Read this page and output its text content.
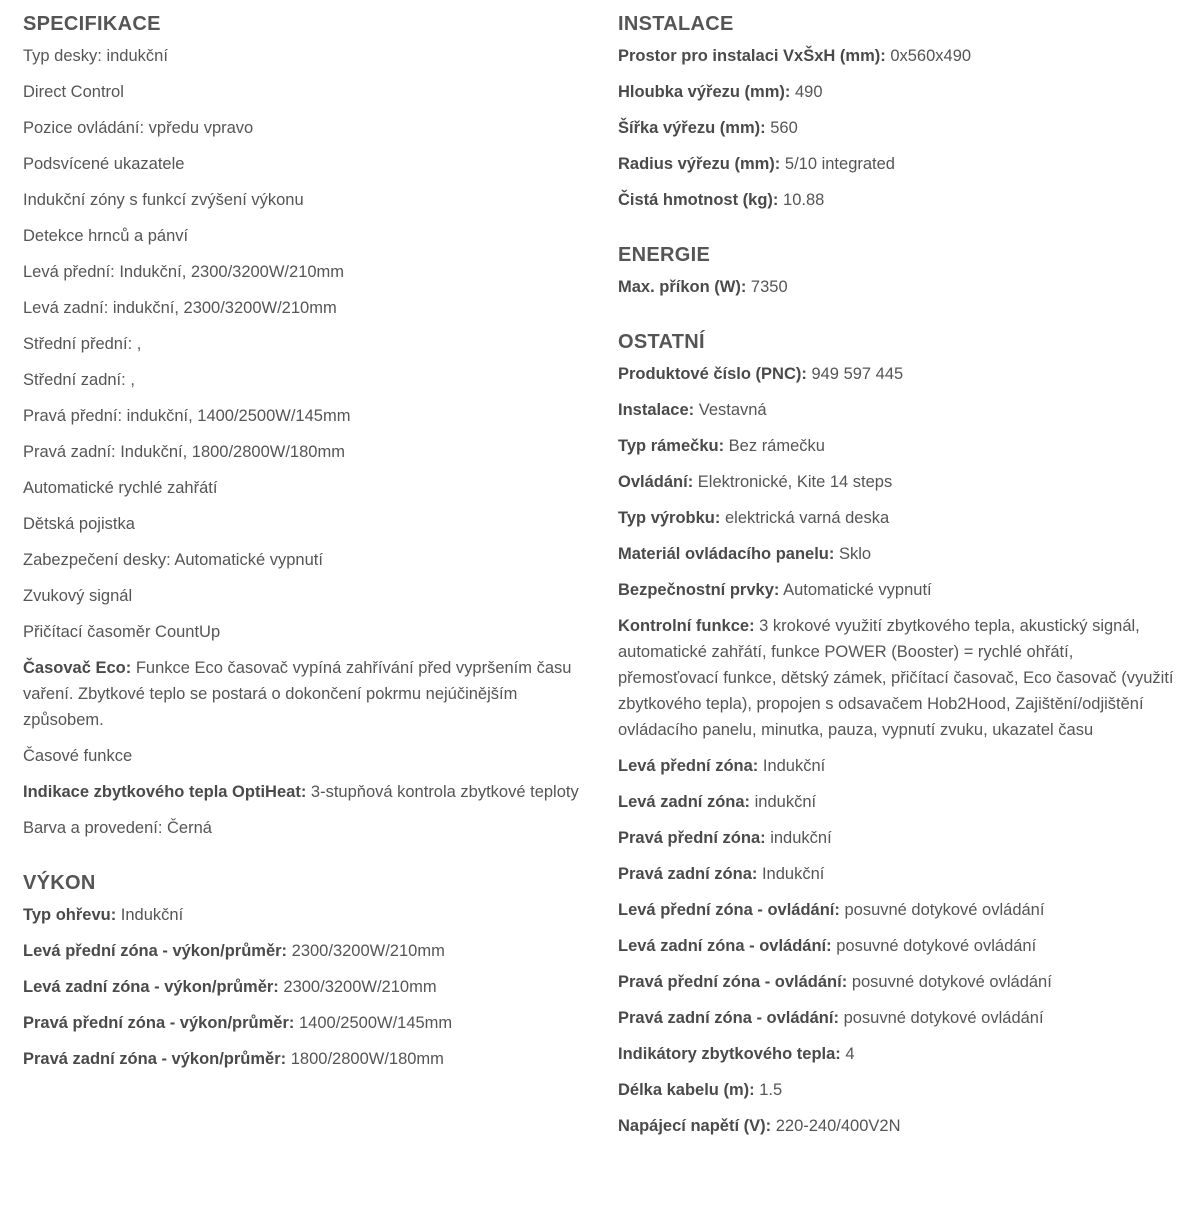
SPECIFIKACE
Typ desky: indukční
Direct Control
Pozice ovládání: vpředu vpravo
Podsvícené ukazatele
Indukční zóny s funkcí zvýšení výkonu
Detekce hrnců a pánví
Levá přední: Indukční, 2300/3200W/210mm
Levá zadní: indukční, 2300/3200W/210mm
Střední přední: ,
Střední zadní: ,
Pravá přední: indukční, 1400/2500W/145mm
Pravá zadní: Indukční, 1800/2800W/180mm
Automatické rychlé zahřátí
Dětská pojistka
Zabezpečení desky: Automatické vypnutí
Zvukový signál
Přičítací časoměr CountUp
Časovač Eco: Funkce Eco časovač vypíná zahřívání před vypršením času vaření. Zbytkové teplo se postará o dokončení pokrmu nejúčinějším způsobem.
Časové funkce
Indikace zbytkového tepla OptiHeat: 3-stupňová kontrola zbytkové teploty
Barva a provedení: Černá
VÝKON
Typ ohřevu: Indukční
Levá přední zóna - výkon/průměr: 2300/3200W/210mm
Levá zadní zóna - výkon/průměr: 2300/3200W/210mm
Pravá přední zóna - výkon/průměr: 1400/2500W/145mm
Pravá zadní zóna - výkon/průměr: 1800/2800W/180mm
INSTALACE
Prostor pro instalaci VxŠxH (mm): 0x560x490
Hloubka výřezu (mm): 490
Šířka výřezu (mm): 560
Radius výřezu (mm): 5/10 integrated
Čistá hmotnost (kg): 10.88
ENERGIE
Max. příkon (W): 7350
OSTATNÍ
Produktové číslo (PNC): 949 597 445
Instalace: Vestavná
Typ rámečku: Bez rámečku
Ovládání: Elektronické, Kite 14 steps
Typ výrobku: elektrická varná deska
Materiál ovládacího panelu: Sklo
Bezpečnostní prvky: Automatické vypnutí
Kontrolní funkce: 3 krokové využití zbytkového tepla, akustický signál, automatické zahřátí, funkce POWER (Booster) = rychlé ohřátí, přemosťovací funkce, dětský zámek, přičítací časovač, Eco časovač (využití zbytkového tepla), propojen s odsavačem Hob2Hood, Zajištění/odjištění ovládacího panelu, minutka, pauza, vypnutí zvuku, ukazatel času
Levá přední zóna: Indukční
Levá zadní zóna: indukční
Pravá přední zóna: indukční
Pravá zadní zóna: Indukční
Levá přední zóna - ovládání: posuvné dotykové ovládání
Levá zadní zóna - ovládání: posuvné dotykové ovládání
Pravá přední zóna - ovládání: posuvné dotykové ovládání
Pravá zadní zóna - ovládání: posuvné dotykové ovládání
Indikátory zbytkového tepla: 4
Délka kabelu (m): 1.5
Napájecí napětí (V): 220-240/400V2N
